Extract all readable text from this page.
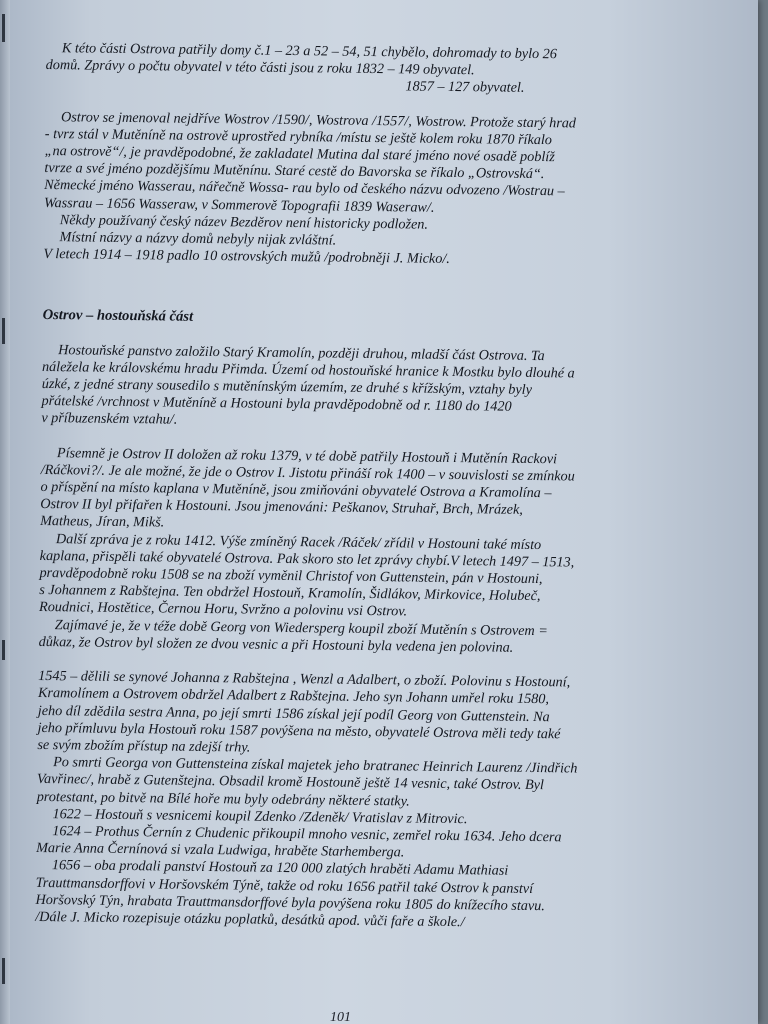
K této části Ostrova patřily domy č.1 – 23 a 52 – 54, 51 chybělo, dohromady to bylo 26

domů. Zprávy o počtu obyvatel v této části jsou z roku 1832 – 149 obyvatel.

1857 – 127 obyvatel.

Ostrov se jmenoval nejdříve Wostrov /1590/, Wostrova /1557/, Wostrow. Protože starý hrad

- tvrz stál v Mutěníně na ostrově uprostřed rybníka /místu se ještě kolem roku 1870 říkalo

„na ostrově“/, je pravděpodobné, že zakladatel Mutina dal staré jméno nové osadě poblíž

tvrze a své jméno pozdějšímu Mutěnínu. Staré cestě do Bavorska se říkalo „Ostrovská“.

Německé jméno Wasserau, nářečně Wossa- rau bylo od českého názvu odvozeno /Wostrau –

Wassrau – 1656 Wasseraw, v Sommerově Topografii 1839 Waseraw/.

Někdy používaný český název Bezděrov není historicky podložen.

Místní názvy a názvy domů nebyly nijak zvláštní.

V letech 1914 – 1918 padlo 10 ostrovských mužů /podrobněji J. Micko/.

Ostrov – hostouňská část

Hostouňské panstvo založilo Starý Kramolín, později druhou, mladší část Ostrova. Ta

náležela ke královskému hradu Přimda. Území od hostouňské hranice k Mostku bylo dlouhé a

úzké, z jedné strany sousedilo s mutěnínským územím, ze druhé s křížským, vztahy byly

přátelské /vrchnost v Mutěníně a Hostouni byla pravděpodobně od r. 1180 do 1420

v příbuzenském vztahu/.

Písemně je Ostrov II doložen až roku 1379, v té době patřily Hostouň i Mutěnín Rackovi

/Ráčkovi?/. Je ale možné, že jde o Ostrov I. Jistotu přináší rok 1400 – v souvislosti se zmínkou

o příspění na místo kaplana v Mutěníně, jsou zmiňováni obyvatelé Ostrova a Kramolína –

Ostrov II byl přifařen k Hostouni. Jsou jmenováni: Peškanov, Struhař, Brch, Mrázek,

Matheus, Jíran, Mikš.

Další zpráva je z roku 1412. Výše zmíněný Racek /Ráček/ zřídil v Hostouni také místo

kaplana, přispěli také obyvatelé Ostrova. Pak skoro sto let zprávy chybí.V letech 1497 – 1513,

pravděpodobně roku 1508 se na zboží vyměnil Christof von Guttenstein, pán v Hostouni,

s Johannem z Rabštejna. Ten obdržel Hostouň, Kramolín, Šidlákov, Mirkovice, Holubeč,

Roudnici, Hostětice, Černou Horu, Svržno a polovinu vsi Ostrov.

Zajímavé je, že v téže době Georg von Wiedersperg koupil zboží Mutěnín s Ostrovem =

důkaz, že Ostrov byl složen ze dvou vesnic a při Hostouni byla vedena jen polovina.

1545 – dělili se synové Johanna z Rabštejna , Wenzl a Adalbert, o zboží. Polovinu s Hostouní,

Kramolínem a Ostrovem obdržel Adalbert z Rabštejna. Jeho syn Johann umřel roku 1580,

jeho díl zdědila sestra Anna, po její smrti 1586 získal její podíl Georg von Guttenstein. Na

jeho přímluvu byla Hostouň roku 1587 povýšena na město, obyvatelé Ostrova měli tedy také

se svým zbožím přístup na zdejší trhy.

Po smrti Georga von Guttensteina získal majetek jeho bratranec Heinrich Laurenz /Jindřich

Vavřinec/, hrabě z Gutenštejna. Obsadil kromě Hostouně ještě 14 vesnic, také Ostrov. Byl

protestant, po bitvě na Bílé hoře mu byly odebrány některé statky.

1622 – Hostouň s vesnicemi koupil Zdenko /Zdeněk/ Vratislav z Mitrovic.

1624 – Prothus Černín z Chudenic přikoupil mnoho vesnic, zemřel roku 1634. Jeho dcera

Marie Anna Černínová si vzala Ludwiga, hraběte Starhemberga.

1656 – oba prodali panství Hostouň za 120 000 zlatých hraběti Adamu Mathiasi

Trauttmansdorffovi v Horšovském Týně, takže od roku 1656 patřil také Ostrov k panství

Horšovský Týn, hrabata Trauttmansdorffové byla povýšena roku 1805 do knížecího stavu.

/Dále J. Micko rozepisuje otázku poplatků, desátků apod. vůči faře a škole./

101
